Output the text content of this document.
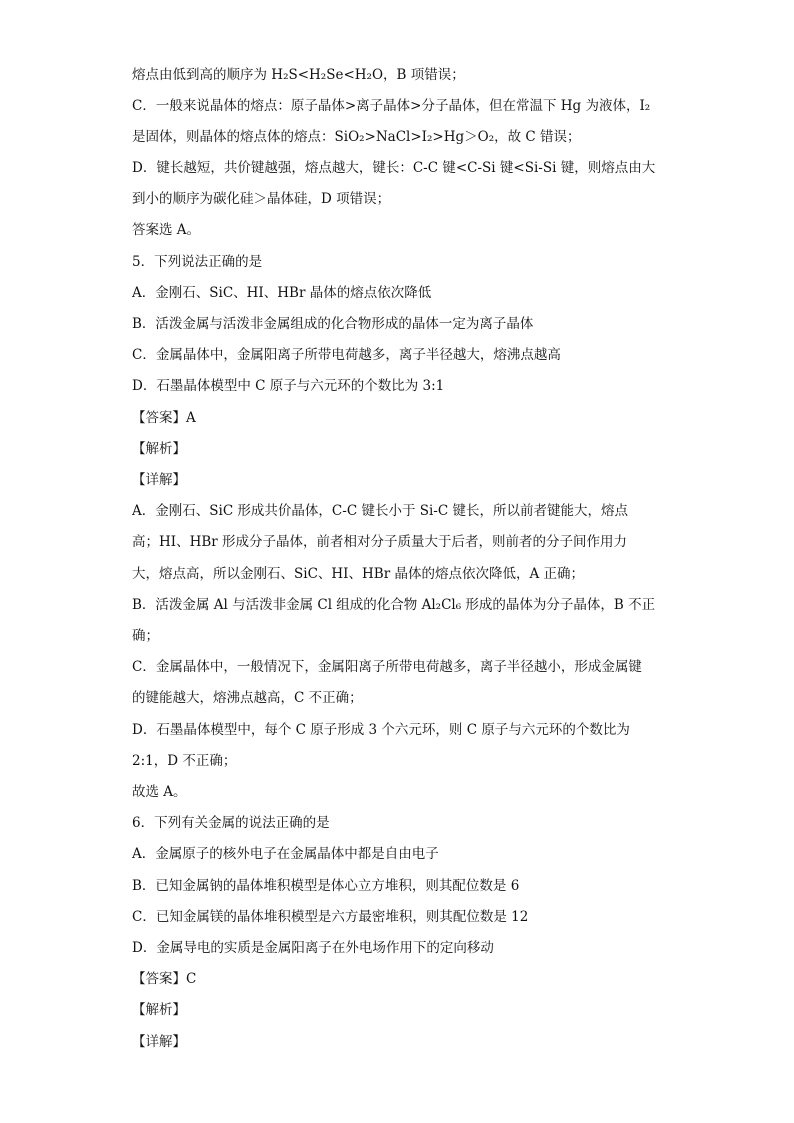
熔点由低到高的顺序为 H₂S<H₂Se<H₂O，B 项错误；
C．一般来说晶体的熔点：原子晶体>离子晶体>分子晶体，但在常温下 Hg 为液体，I₂
是固体，则晶体的熔点体的熔点：SiO₂>NaCl>I₂>Hg＞O₂，故 C 错误；
D．键长越短，共价键越强，熔点越大，键长：C-C 键<C-Si 键<Si-Si 键，则熔点由大
到小的顺序为碳化硅＞晶体硅，D 项错误；
答案选 A。
5．下列说法正确的是
A．金刚石、SiC、HI、HBr 晶体的熔点依次降低
B．活泼金属与活泼非金属组成的化合物形成的晶体一定为离子晶体
C．金属晶体中，金属阳离子所带电荷越多，离子半径越大，熔沸点越高
D．石墨晶体模型中 C 原子与六元环的个数比为 3:1
【答案】A
【解析】
【详解】
A．金刚石、SiC 形成共价晶体，C-C 键长小于 Si-C 键长，所以前者键能大，熔点
高；HI、HBr 形成分子晶体，前者相对分子质量大于后者，则前者的分子间作用力
大，熔点高，所以金刚石、SiC、HI、HBr 晶体的熔点依次降低，A 正确；
B．活泼金属 Al 与活泼非金属 Cl 组成的化合物 Al₂Cl₆ 形成的晶体为分子晶体，B 不正
确；
C．金属晶体中，一般情况下，金属阳离子所带电荷越多，离子半径越小，形成金属键
的键能越大，熔沸点越高，C 不正确；
D．石墨晶体模型中，每个 C 原子形成 3 个六元环，则 C 原子与六元环的个数比为
2:1，D 不正确；
故选 A。
6．下列有关金属的说法正确的是
A．金属原子的核外电子在金属晶体中都是自由电子
B．已知金属钠的晶体堆积模型是体心立方堆积，则其配位数是 6
C．已知金属镁的晶体堆积模型是六方最密堆积，则其配位数是 12
D．金属导电的实质是金属阳离子在外电场作用下的定向移动
【答案】C
【解析】
【详解】
